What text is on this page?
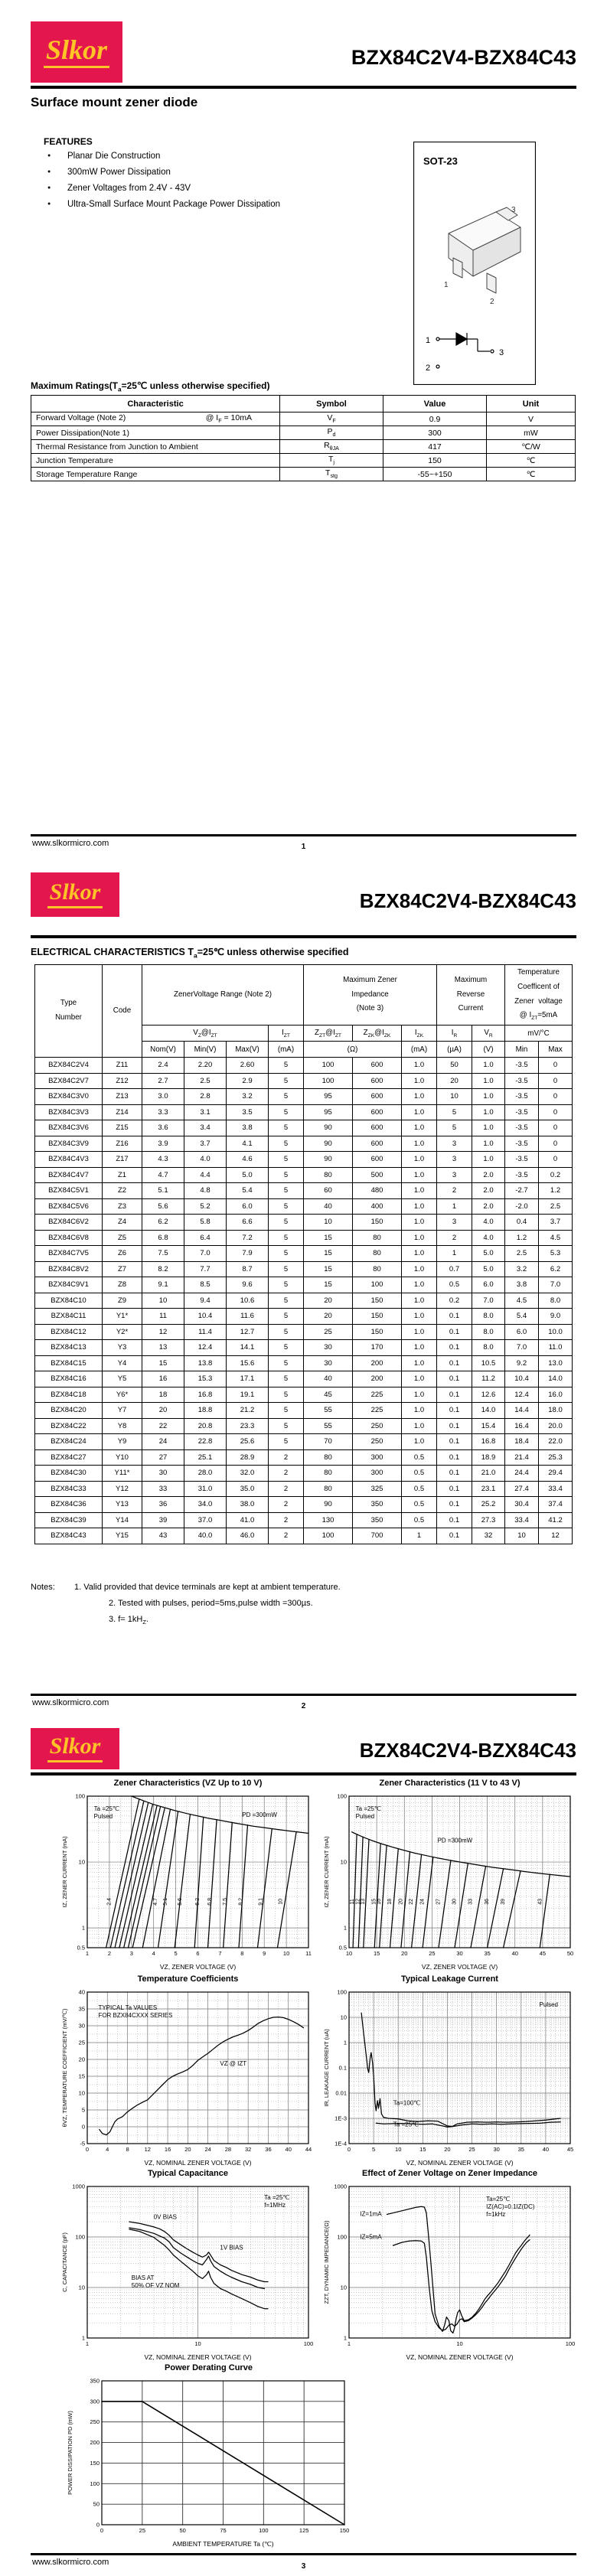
Slkor	BZX84C2V4-BZX84C43
Surface mount zener diode
FEATURES
● Planar Die Construction
● 300mW Power Dissipation
● Zener Voltages from 2.4V - 43V
● Ultra-Small Surface Mount Package Power Dissipation
SOT-23
1
2
3
1
3
2
Maximum $Ratings(T_a=25℃$ unless otherwise specified)
Characteristic	Symbol	Value	Unit
Forward Voltage (Note 2) @ $I_F = 10mA$	$V_F$	0.9	V
Power Dissipation(Note 1)	$P_d$	300	mW
Thermal Resistance from Junction to Ambient	$R_{\theta JA}$	417	℃/W
Junction Temperature	$T_j$	150	℃
Storage Temperature Range	$T_{stg}$	-55~+150	℃
www.slkormicro.com	1
Slkor	BZX84C2V4-BZX84C43
ELECTRICAL CHARACTERISTICS $T_a=25℃$ unless otherwise specified
Type
Number	Code	ZenerVoltage Range (Note 2)				Maximum Zener
Impedance
(Note 3)			Maximum
Reverse
Current		Temperature
Coefficent of
Zener  voltage
@ $I_{ZT}=5mA$	
		$V_Z@I_{ZT}$			$I_{ZT}$	$Z_{ZT}@I_{ZT}$	$Z_{ZK}@I_{ZK}$	$I_{ZK}$	$I_R$	$V_R$	mV/°C	
		Nom(V)	Min(V)	Max(V)	(mA)	(Ω)		(mA)	(µA)	(V)	Min	Max
BZX84C2V4	Z11	2.4	2.20	2.60	5	100	600	1.0	50	1.0	-3.5	0
BZX84C2V7	Z12	2.7	2.5	2.9	5	100	600	1.0	20	1.0	-3.5	0
BZX84C3V0	Z13	3.0	2.8	3.2	5	95	600	1.0	10	1.0	-3.5	0
BZX84C3V3	Z14	3.3	3.1	3.5	5	95	600	1.0	5	1.0	-3.5	0
BZX84C3V6	Z15	3.6	3.4	3.8	5	90	600	1.0	5	1.0	-3.5	0
BZX84C3V9	Z16	3.9	3.7	4.1	5	90	600	1.0	3	1.0	-3.5	0
BZX84C4V3	Z17	4.3	4.0	4.6	5	90	600	1.0	3	1.0	-3.5	0
BZX84C4V7	Z1	4.7	4.4	5.0	5	80	500	1.0	3	2.0	-3.5	0.2
BZX84C5V1	Z2	5.1	4.8	5.4	5	60	480	1.0	2	2.0	-2.7	1.2
BZX84C5V6	Z3	5.6	5.2	6.0	5	40	400	1.0	1	2.0	-2.0	2.5
BZX84C6V2	Z4	6.2	5.8	6.6	5	10	150	1.0	3	4.0	0.4	3.7
BZX84C6V8	Z5	6.8	6.4	7.2	5	15	80	1.0	2	4.0	1.2	4.5
BZX84C7V5	Z6	7.5	7.0	7.9	5	15	80	1.0	1	5.0	2.5	5.3
BZX84C8V2	Z7	8.2	7.7	8.7	5	15	80	1.0	0.7	5.0	3.2	6.2
BZX84C9V1	Z8	9.1	8.5	9.6	5	15	100	1.0	0.5	6.0	3.8	7.0
BZX84C10	Z9	10	9.4	10.6	5	20	150	1.0	0.2	7.0	4.5	8.0
BZX84C11	Y1*	11	10.4	11.6	5	20	150	1.0	0.1	8.0	5.4	9.0
BZX84C12	Y2*	12	11.4	12.7	5	25	150	1.0	0.1	8.0	6.0	10.0
BZX84C13	Y3	13	12.4	14.1	5	30	170	1.0	0.1	8.0	7.0	11.0
BZX84C15	Y4	15	13.8	15.6	5	30	200	1.0	0.1	10.5	9.2	13.0
BZX84C16	Y5	16	15.3	17.1	5	40	200	1.0	0.1	11.2	10.4	14.0
BZX84C18	Y6*	18	16.8	19.1	5	45	225	1.0	0.1	12.6	12.4	16.0
BZX84C20	Y7	20	18.8	21.2	5	55	225	1.0	0.1	14.0	14.4	18.0
BZX84C22	Y8	22	20.8	23.3	5	55	250	1.0	0.1	15.4	16.4	20.0
BZX84C24	Y9	24	22.8	25.6	5	70	250	1.0	0.1	16.8	18.4	22.0
BZX84C27	Y10	27	25.1	28.9	2	80	300	0.5	0.1	18.9	21.4	25.3
BZX84C30	Y11*	30	28.0	32.0	2	80	300	0.5	0.1	21.0	24.4	29.4
BZX84C33	Y12	33	31.0	35.0	2	80	325	0.5	0.1	23.1	27.4	33.4
BZX84C36	Y13	36	34.0	38.0	2	90	350	0.5	0.1	25.2	30.4	37.4
BZX84C39	Y14	39	37.0	41.0	2	130	350	0.5	0.1	27.3	33.4	41.2
BZX84C43	Y15	43	40.0	46.0	2	100	700	1	0.1	32	10	12
Notes:	1. Valid provided that device terminals are kept at ambient temperature.
2. Tested with pulses, period=5ms,pulse width =300µs.
3. $f= 1kH_Z$.
www.slkormicro.com	2
Slkor	BZX84C2V4-BZX84C43
Zener Characteristics (VZ Up to 10 V)
1	2	3	4	5	6	7	8	9	10	11
0.5
1
10
100
VZ, ZENER VOLTAGE (V)
IZ, ZENER CURRENT (mA)
Ta =25℃
Pulsed	PD =300mW
2.4	4.7 5.1 5.6 6.2 6.8 7.5 8.2	9.1	10
Zener Characteristics (11 V to 43 V)
10	15	20	25	30	35	40	45	50
0.5
1
10
100
VZ, ZENER VOLTAGE (V)
IZ, ZENER CURRENT (mA)
Ta =25℃
Pulsed
PD =300mW
11 12 13 15 16 18 20 22 24 27 30 33 36 39	43
Temperature Coefficients
0	4	8	12 16 20 24 28 32 36 40 44
-5
0
5
10
15
20
25
30
35
40
VZ, NOMINAL ZENER VOLTAGE (V)
θVZ, TEMPERATURE COEFFICIENT (mV/℃)
TYPICAL Ta VALUES
FOR BZX84CXXX SERIES
VZ @ IZT
Typical Leakage Current
0	5	10	15	20	25	30	35	40	45
1E-4
1E-3
0.01
0.1
1
10
100
VZ, NOMINAL ZENER VOLTAGE (V)
IR, LEAKAGE CURRENT (uA)
Pulsed
Ta=100℃
Ta =25℃
Typical Capacitance
1	10	100
1
10
100
1000
VZ, NOMINAL ZENER VOLTAGE (V)
C, CAPACITANCE (pF)
Ta =25℃
f=1MHz
0V BIAS
1V BIAS
BIAS AT
50% OF VZ NOM
Effect of Zener Voltage on Zener Impedance
1	10	100
1
10
100
1000
VZ, NOMINAL ZENER VOLTAGE (V)
ZZT, DYNAMIC IMPEDANCE(Ω)
Ta=25℃
IZ(AC)=0.1IZ(DC)
f=1kHz
IZ=1mA
IZ=5mA
Power Derating Curve
0	25	50	75	100	125	150
0
50
100
150
200
250
300
350
AMBIENT TEMPERATURE Ta (℃)
POWER DISSIPATION PD (mW)
www.slkormicro.com	3
